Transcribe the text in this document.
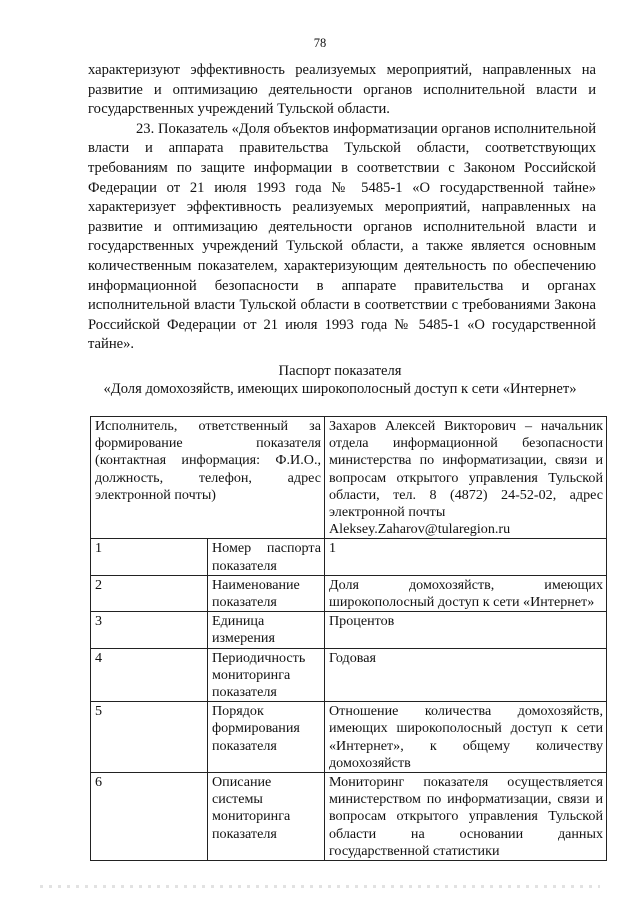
78

характеризуют эффективность реализуемых мероприятий, направленных на развитие и оптимизацию деятельности органов исполнительной власти и государственных учреждений Тульской области.

23. Показатель «Доля объектов информатизации органов исполнительной власти и аппарата правительства Тульской области, соответствующих требованиям по защите информации в соответствии с Законом Российской Федерации от 21 июля 1993 года № 5485-1 «О государственной тайне» характеризует эффективность реализуемых мероприятий, направленных на развитие и оптимизацию деятельности органов исполнительной власти и государственных учреждений Тульской области, а также является основным количественным показателем, характеризующим деятельность по обеспечению информационной безопасности в аппарате правительства и органах исполнительной власти Тульской области в соответствии с требованиями Закона Российской Федерации от 21 июля 1993 года № 5485-1 «О государственной тайне».

Паспорт показателя
«Доля домохозяйств, имеющих широкополосный доступ к сети «Интернет»
Исполнитель, ответственный за формирование показателя (контактная информация: Ф.И.О., должность, телефон, адрес электронной почты)		Захаров Алексей Викторович – начальник отдела информационной безопасности министерства по информатизации, связи и вопросам открытого управления Тульской области, тел. 8 (4872) 24-52-02, адрес электронной почты
Aleksey.Zaharov@tularegion.ru

1	Номер паспорта показателя	1
2	Наименование показателя	Доля домохозяйств, имеющих широкополосный доступ к сети «Интернет»
3	Единица измерения	Процентов
4	Периодичность мониторинга показателя	Годовая
5	Порядок формирования показателя	Отношение количества домохозяйств, имеющих широкополосный доступ к сети «Интернет», к общему количеству домохозяйств
6	Описание системы мониторинга показателя	Мониторинг показателя осуществляется министерством по информатизации, связи и вопросам открытого управления Тульской области на основании данных государственной статистики
